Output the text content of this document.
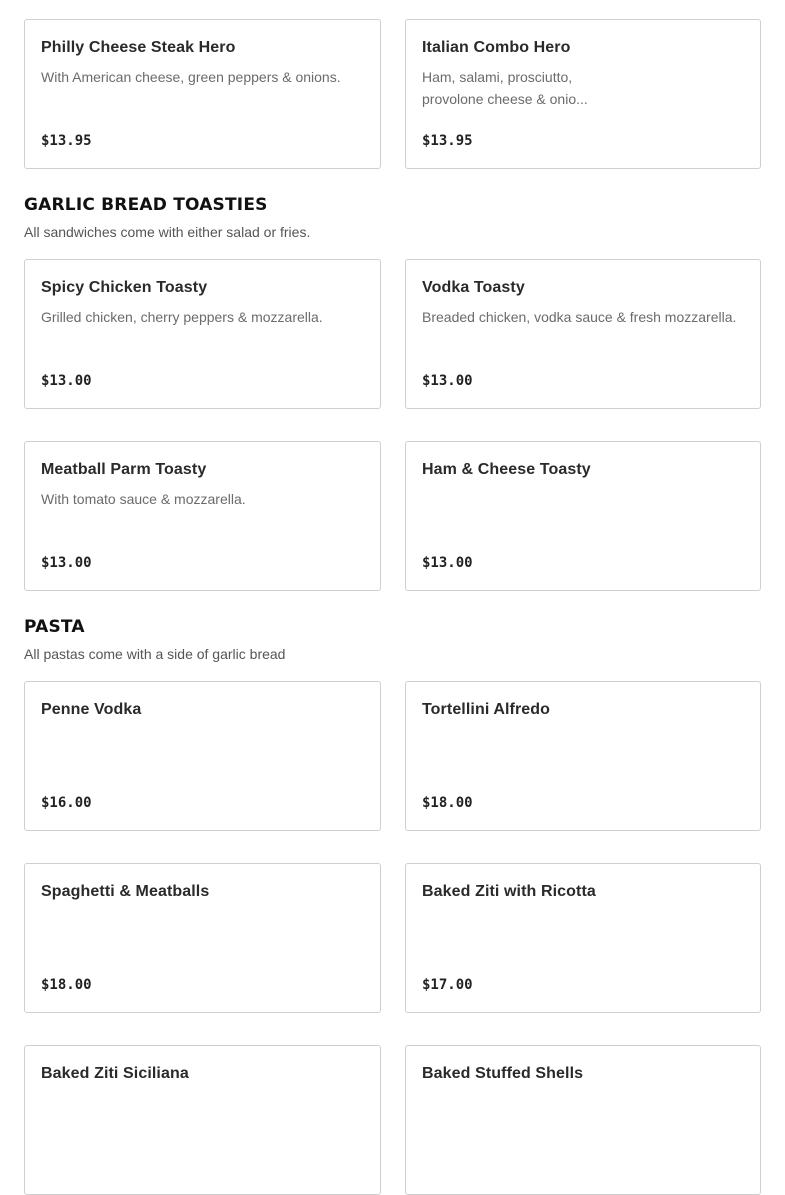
Philly Cheese Steak Hero
With American cheese, green peppers & onions.
$13.95
Italian Combo Hero
Ham, salami, prosciutto, provolone cheese & onio...
$13.95
GARLIC BREAD TOASTIES
All sandwiches come with either salad or fries.
Spicy Chicken Toasty
Grilled chicken, cherry peppers & mozzarella.
$13.00
Vodka Toasty
Breaded chicken, vodka sauce & fresh mozzarella.
$13.00
Meatball Parm Toasty
With tomato sauce & mozzarella.
$13.00
Ham & Cheese Toasty
$13.00
PASTA
All pastas come with a side of garlic bread
Penne Vodka
$16.00
Tortellini Alfredo
$18.00
Spaghetti & Meatballs
$18.00
Baked Ziti with Ricotta
$17.00
Baked Ziti Siciliana	Baked Stuffed Shells
